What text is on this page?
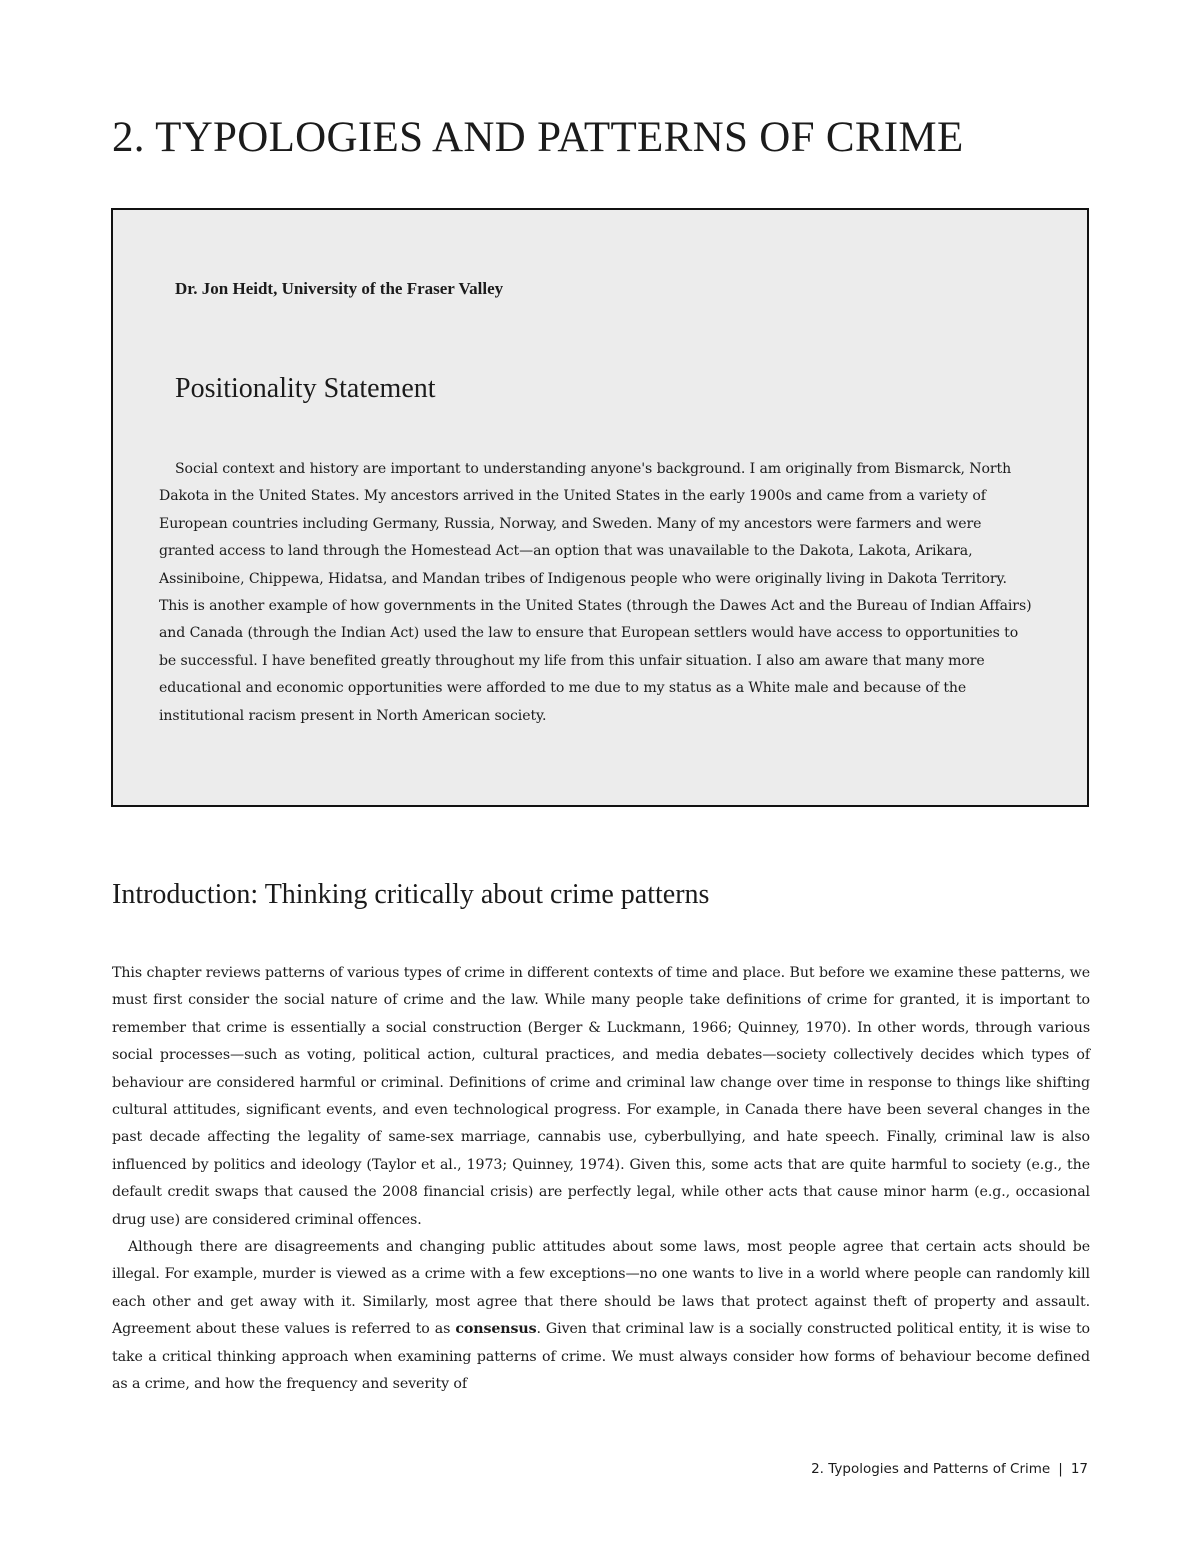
2. TYPOLOGIES AND PATTERNS OF CRIME

Dr. Jon Heidt, University of the Fraser Valley

Positionality Statement

Social context and history are important to understanding anyone's background. I am originally from Bismarck, North Dakota in the United States. My ancestors arrived in the United States in the early 1900s and came from a variety of European countries including Germany, Russia, Norway, and Sweden. Many of my ancestors were farmers and were granted access to land through the Homestead Act—an option that was unavailable to the Dakota, Lakota, Arikara, Assiniboine, Chippewa, Hidatsa, and Mandan tribes of Indigenous people who were originally living in Dakota Territory. This is another example of how governments in the United States (through the Dawes Act and the Bureau of Indian Affairs) and Canada (through the Indian Act) used the law to ensure that European settlers would have access to opportunities to be successful. I have benefited greatly throughout my life from this unfair situation. I also am aware that many more educational and economic opportunities were afforded to me due to my status as a White male and because of the institutional racism present in North American society.

Introduction: Thinking critically about crime patterns

This chapter reviews patterns of various types of crime in different contexts of time and place. But before we examine these patterns, we must first consider the social nature of crime and the law. While many people take definitions of crime for granted, it is important to remember that crime is essentially a social construction (Berger & Luckmann, 1966; Quinney, 1970). In other words, through various social processes—such as voting, political action, cultural practices, and media debates—society collectively decides which types of behaviour are considered harmful or criminal. Definitions of crime and criminal law change over time in response to things like shifting cultural attitudes, significant events, and even technological progress. For example, in Canada there have been several changes in the past decade affecting the legality of same-sex marriage, cannabis use, cyberbullying, and hate speech. Finally, criminal law is also influenced by politics and ideology (Taylor et al., 1973; Quinney, 1974). Given this, some acts that are quite harmful to society (e.g., the default credit swaps that caused the 2008 financial crisis) are perfectly legal, while other acts that cause minor harm (e.g., occasional drug use) are considered criminal offences.

Although there are disagreements and changing public attitudes about some laws, most people agree that certain acts should be illegal. For example, murder is viewed as a crime with a few exceptions—no one wants to live in a world where people can randomly kill each other and get away with it. Similarly, most agree that there should be laws that protect against theft of property and assault. Agreement about these values is referred to as consensus. Given that criminal law is a socially constructed political entity, it is wise to take a critical thinking approach when examining patterns of crime. We must always consider how forms of behaviour become defined as a crime, and how the frequency and severity of

2. Typologies and Patterns of Crime | 17
